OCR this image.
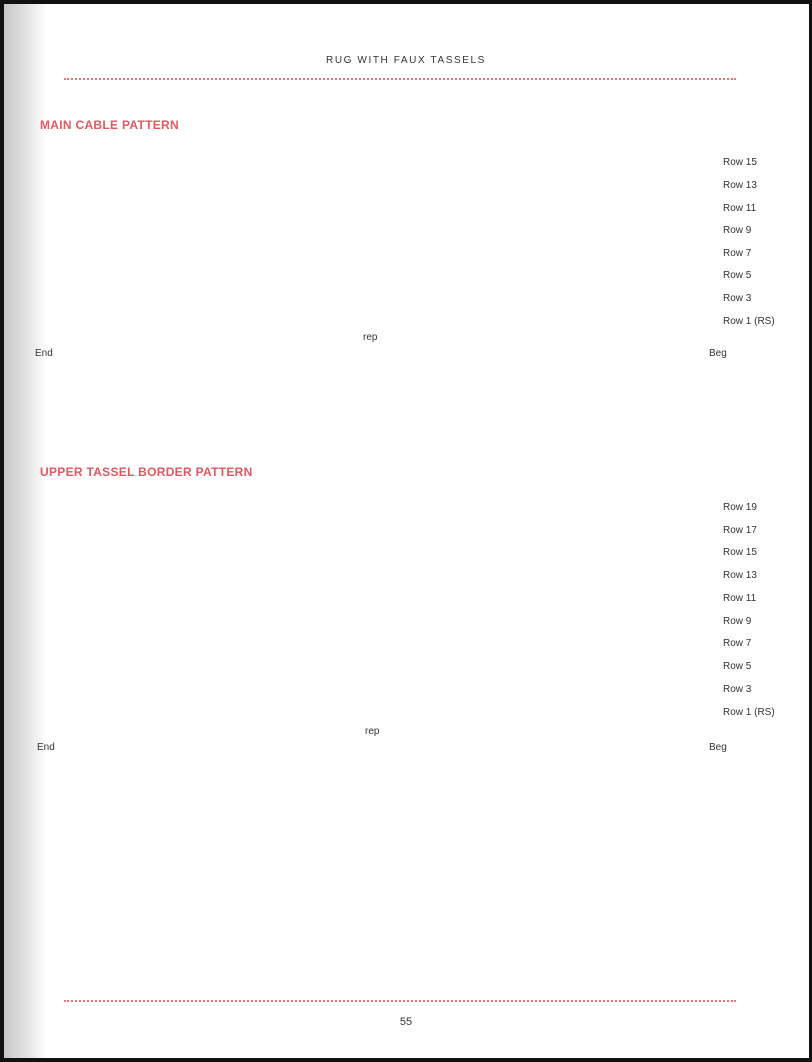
RUG WITH FAUX TASSELS
MAIN CABLE PATTERN
Row 15
Row 13
Row 11
Row 9
Row 7
Row 5
Row 3
Row 1 (RS)
rep
End	Beg
UPPER TASSEL BORDER PATTERN
Row 19
Row 17
Row 15
Row 13
Row 11
Row 9
Row 7
Row 5
Row 3
Row 1 (RS)
rep
End	Beg
55
